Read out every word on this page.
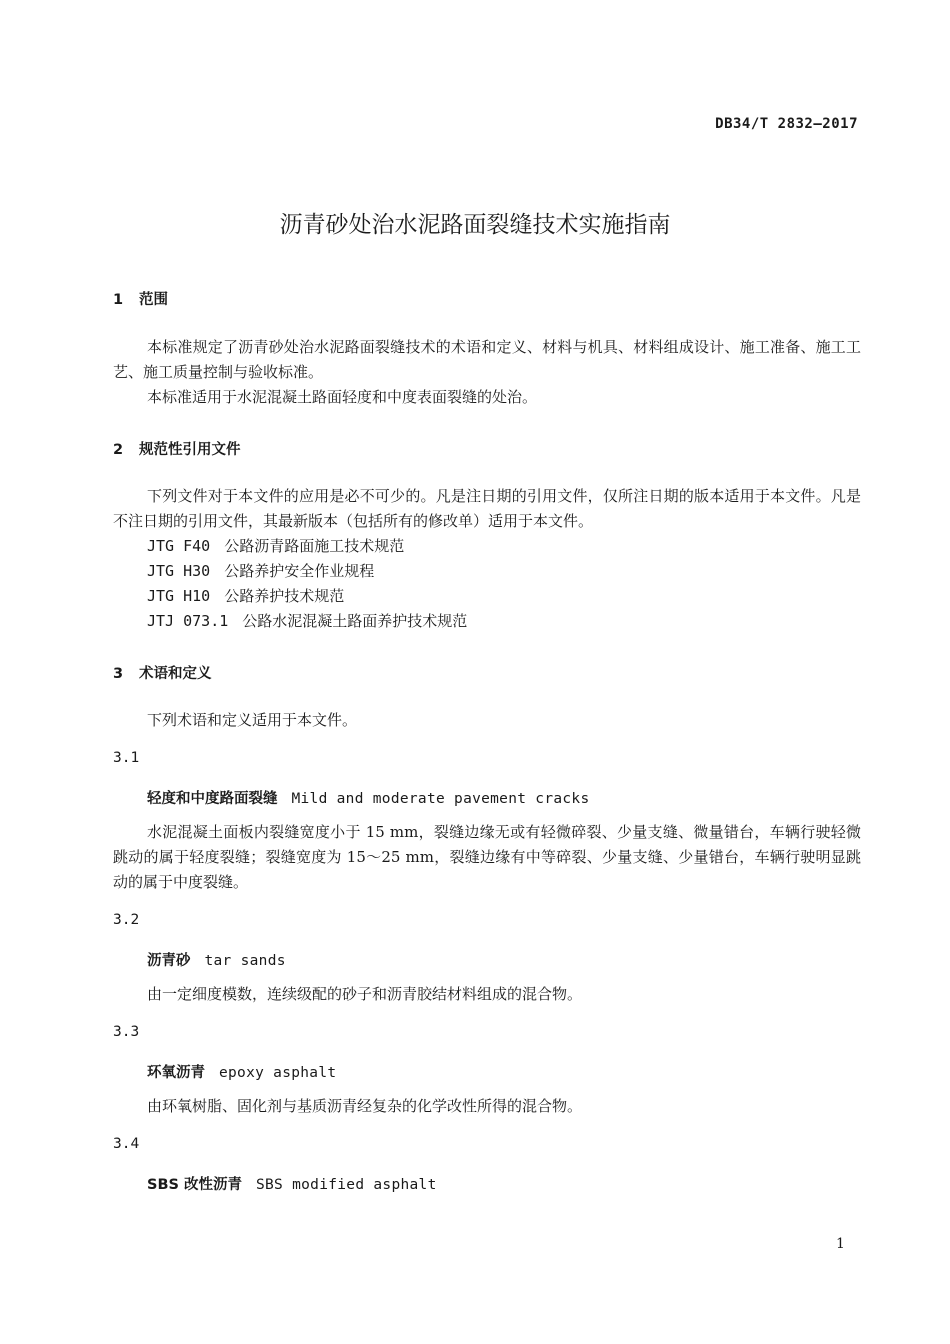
DB34/T 2832—2017
沥青砂处治水泥路面裂缝技术实施指南
1 范围

本标准规定了沥青砂处治水泥路面裂缝技术的术语和定义、材料与机具、材料组成设计、施工准备、施工工艺、施工质量控制与验收标准。

本标准适用于水泥混凝土路面轻度和中度表面裂缝的处治。

2 规范性引用文件

下列文件对于本文件的应用是必不可少的。凡是注日期的引用文件，仅所注日期的版本适用于本文件。凡是不注日期的引用文件，其最新版本（包括所有的修改单）适用于本文件。

JTG F40 公路沥青路面施工技术规范
JTG H30 公路养护安全作业规程
JTG H10 公路养护技术规范
JTJ 073.1 公路水泥混凝土路面养护技术规范
3 术语和定义
下列术语和定义适用于本文件。
3.1
轻度和中度路面裂缝 Mild and moderate pavement cracks

水泥混凝土面板内裂缝宽度小于 15 mm，裂缝边缘无或有轻微碎裂、少量支缝、微量错台，车辆行驶轻微跳动的属于轻度裂缝；裂缝宽度为 15～25 mm，裂缝边缘有中等碎裂、少量支缝、少量错台，车辆行驶明显跳动的属于中度裂缝。

3.2
沥青砂 tar sands
由一定细度模数，连续级配的砂子和沥青胶结材料组成的混合物。
3.3
环氧沥青 epoxy asphalt
由环氧树脂、固化剂与基质沥青经复杂的化学改性所得的混合物。
3.4
SBS 改性沥青 SBS modified asphalt
1
